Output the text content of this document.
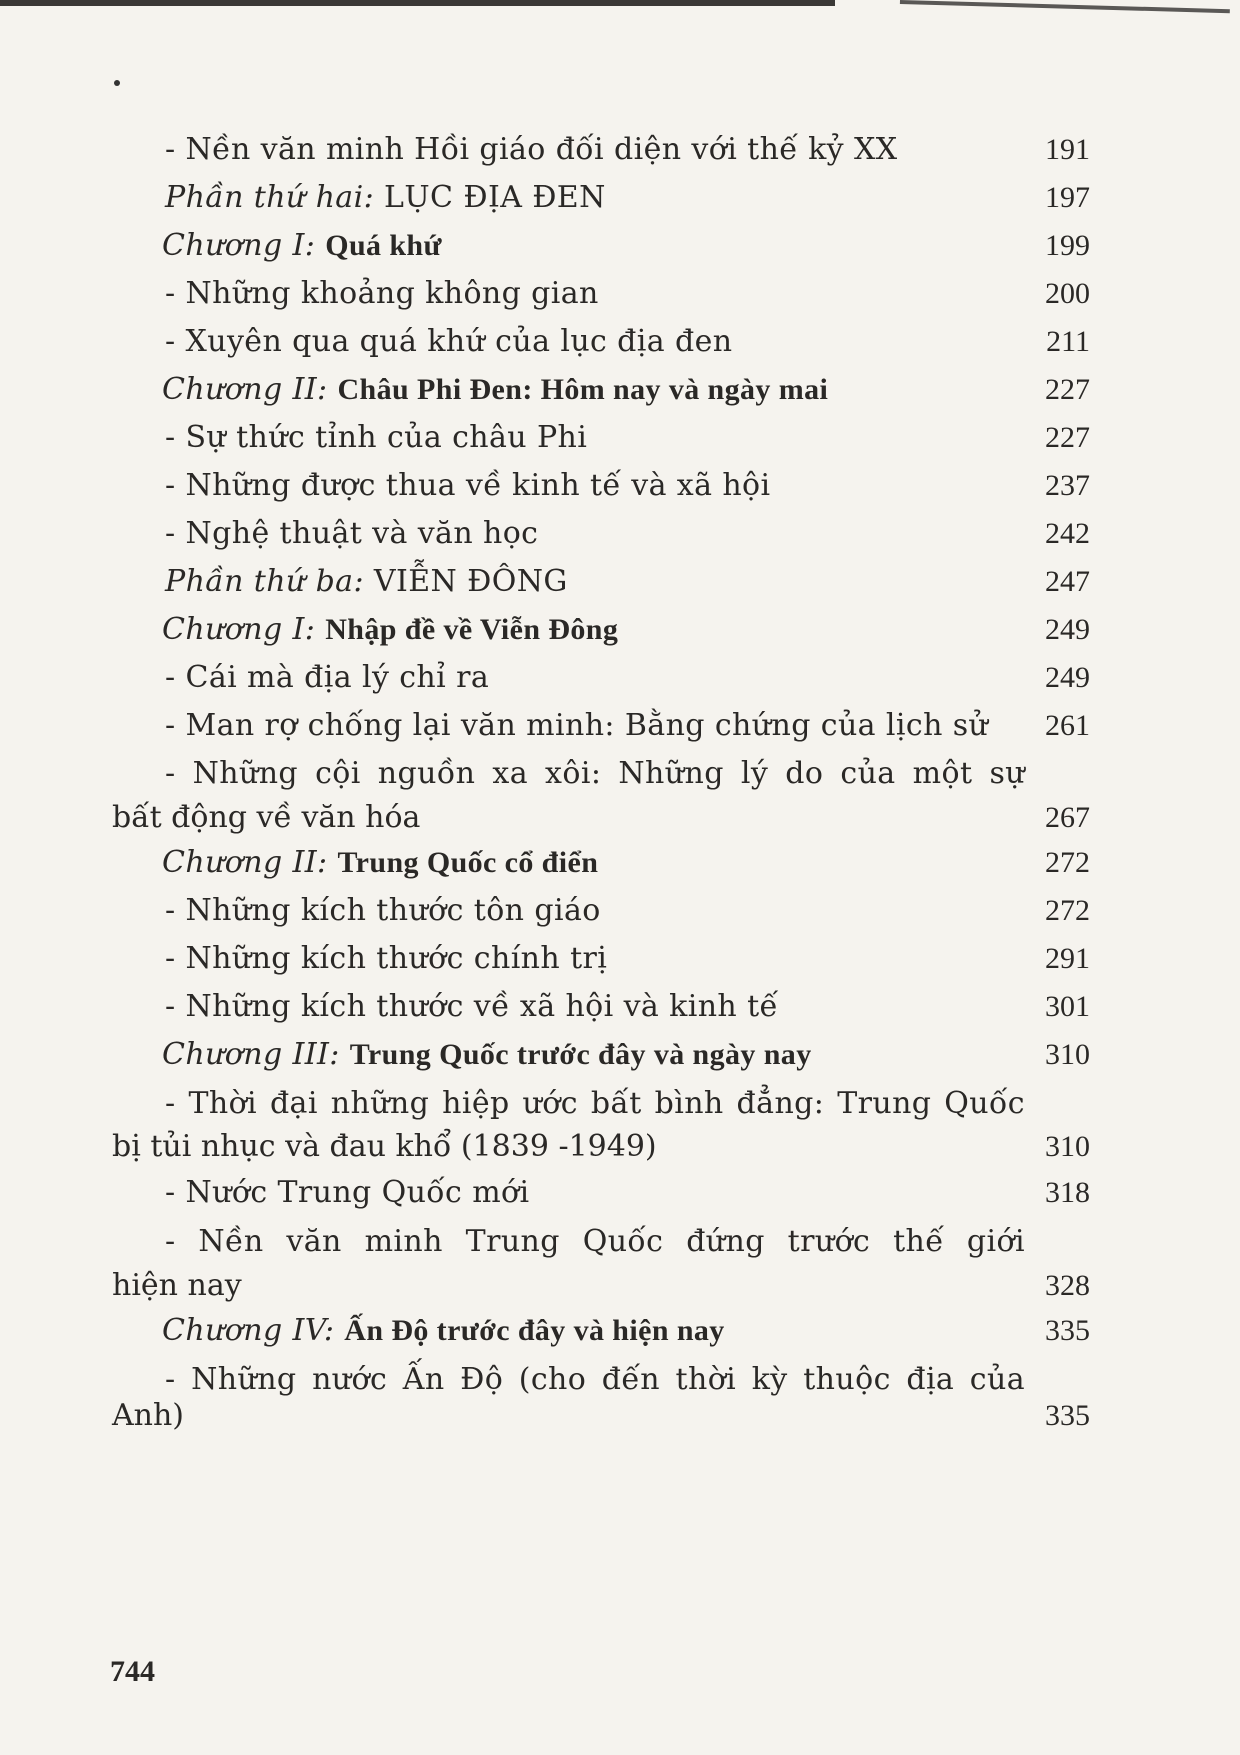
- Nền văn minh Hồi giáo đối diện với thế kỷ XX	191
Phần thứ hai: LỤC ĐỊA ĐEN	197
Chương I: Quá khứ	199
- Những khoảng không gian	200
- Xuyên qua quá khứ của lục địa đen	211
Chương II: Châu Phi Đen: Hôm nay và ngày mai	227
- Sự thức tỉnh của châu Phi	227
- Những được thua về kinh tế và xã hội	237
- Nghệ thuật và văn học	242
Phần thứ ba: VIỄN ĐÔNG	247
Chương I: Nhập đề về Viễn Đông	249
- Cái mà địa lý chỉ ra	249
- Man rợ chống lại văn minh: Bằng chứng của lịch sử 261
- Những cội nguồn xa xôi: Những lý do của một sự
bất động về văn hóa	267
Chương II: Trung Quốc cổ điển	272
- Những kích thước tôn giáo	272
- Những kích thước chính trị	291
- Những kích thước về xã hội và kinh tế	301
Chương III: Trung Quốc trước đây và ngày nay	310
- Thời đại những hiệp ước bất bình đẳng: Trung Quốc
bị tủi nhục và đau khổ (1839 -1949)	310
- Nước Trung Quốc mới	318
- Nền văn minh Trung Quốc đứng trước thế giới
hiện nay	328
Chương IV: Ấn Độ trước đây và hiện nay	335
- Những nước Ấn Độ (cho đến thời kỳ thuộc địa của
Anh)	335
744
